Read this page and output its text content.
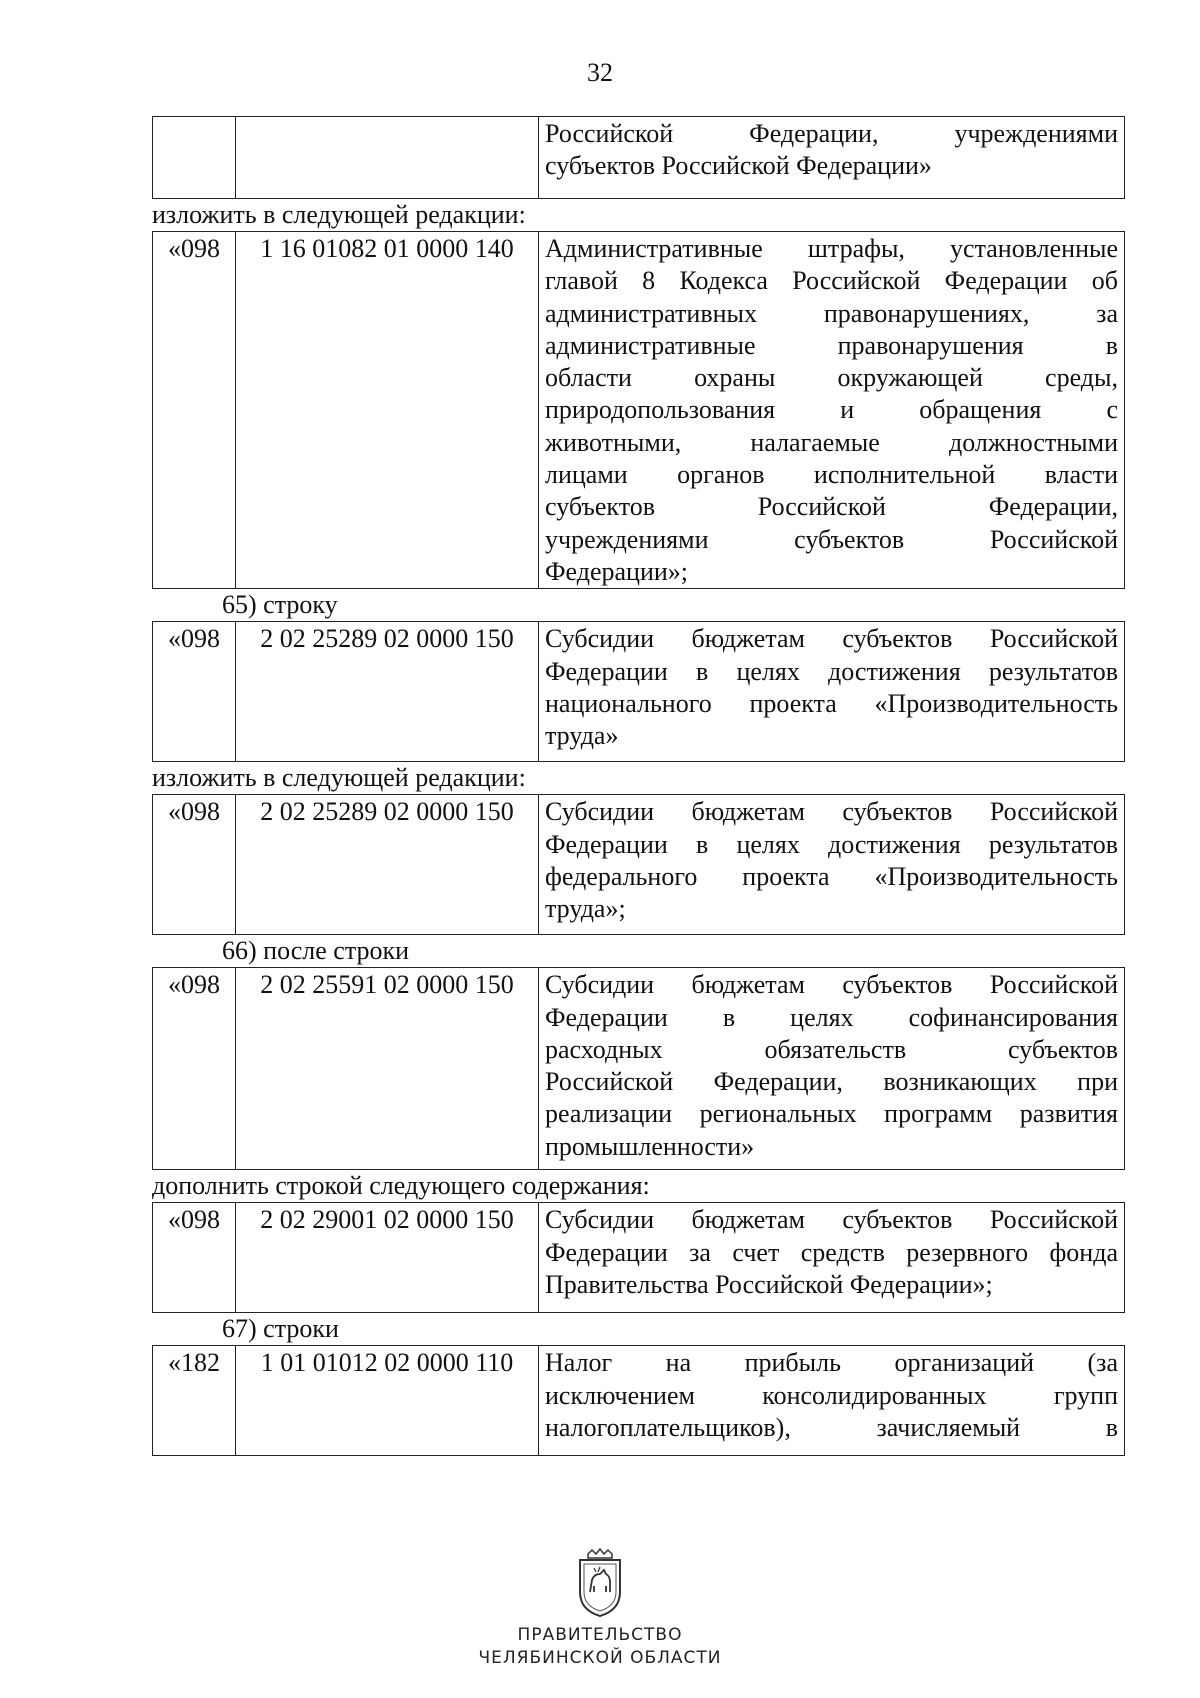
32

Российской Федерации, учреждениями
субъектов Российской Федерации»
изложить в следующей редакции:
«098	1 16 01082 01 0000 140	Административные штрафы, установленные
главой 8 Кодекса Российской Федерации об
административных правонарушениях, за
административные правонарушения в
области охраны окружающей среды,
природопользования и обращения с
животными, налагаемые должностными
лицами органов исполнительной власти
субъектов Российской Федерации,
учреждениями субъектов Российской
Федерации»;
65) строку
«098	2 02 25289 02 0000 150	Субсидии бюджетам субъектов Российской
Федерации в целях достижения результатов
национального проекта «Производительность
труда»
изложить в следующей редакции:
«098	2 02 25289 02 0000 150	Субсидии бюджетам субъектов Российской
Федерации в целях достижения результатов
федерального проекта «Производительность
труда»;
66) после строки
«098	2 02 25591 02 0000 150	Субсидии бюджетам субъектов Российской
Федерации в целях софинансирования
расходных обязательств субъектов
Российской Федерации, возникающих при
реализации региональных программ развития
промышленности»
дополнить строкой следующего содержания:
«098	2 02 29001 02 0000 150	Субсидии бюджетам субъектов Российской
Федерации за счет средств резервного фонда
Правительства Российской Федерации»;
67) строки
«182	1 01 01012 02 0000 110	Налог на прибыль организаций (за
исключением консолидированных групп
налогоплательщиков), зачисляемый в
ПРАВИТЕЛЬСТВО
ЧЕЛЯБИНСКОЙ ОБЛАСТИ
